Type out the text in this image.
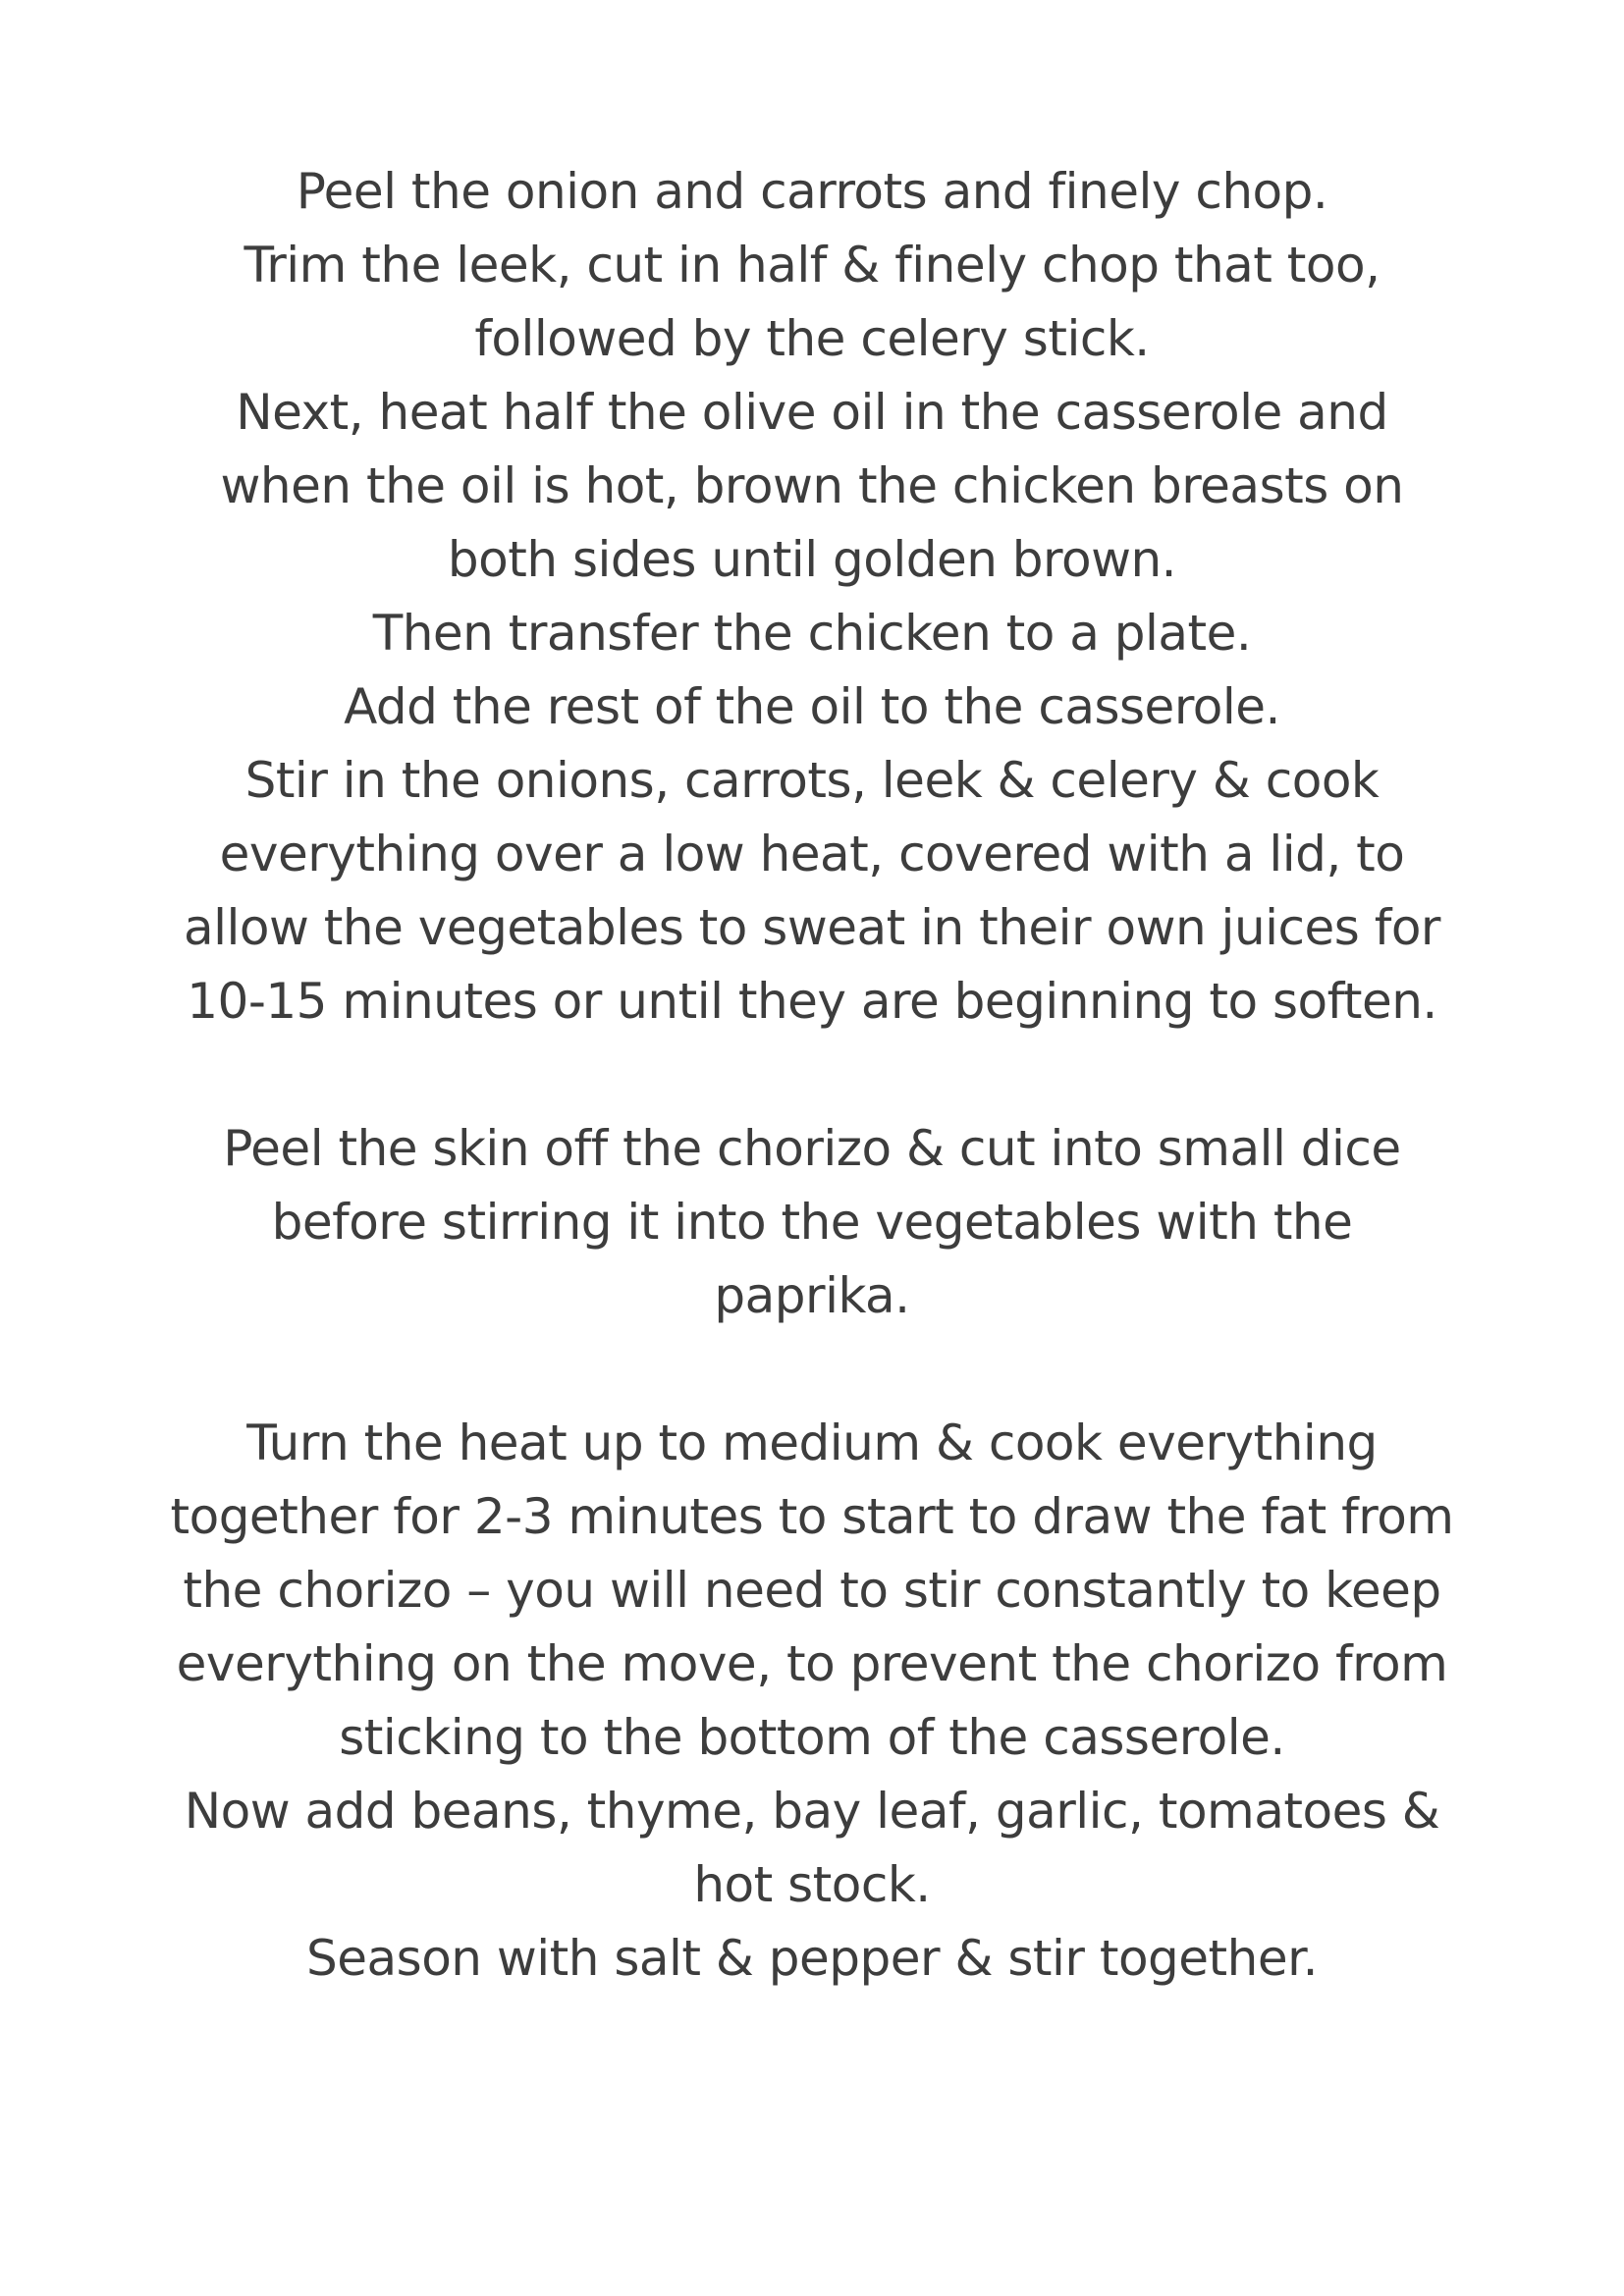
Peel the onion and carrots and finely chop.
Trim the leek, cut in half & finely chop that too,
followed by the celery stick.
Next, heat half the olive oil in the casserole and
when the oil is hot, brown the chicken breasts on
both sides until golden brown.
Then transfer the chicken to a plate.
Add the rest of the oil to the casserole.
Stir in the onions, carrots, leek & celery & cook
everything over a low heat, covered with a lid, to
allow the vegetables to sweat in their own juices for
10-15 minutes or until they are beginning to soften.

Peel the skin off the chorizo & cut into small dice
before stirring it into the vegetables with the
paprika.

Turn the heat up to medium & cook everything
together for 2-3 minutes to start to draw the fat from
the chorizo – you will need to stir constantly to keep
everything on the move, to prevent the chorizo from
sticking to the bottom of the casserole.
Now add beans, thyme, bay leaf, garlic, tomatoes &
hot stock.
Season with salt & pepper & stir together.
